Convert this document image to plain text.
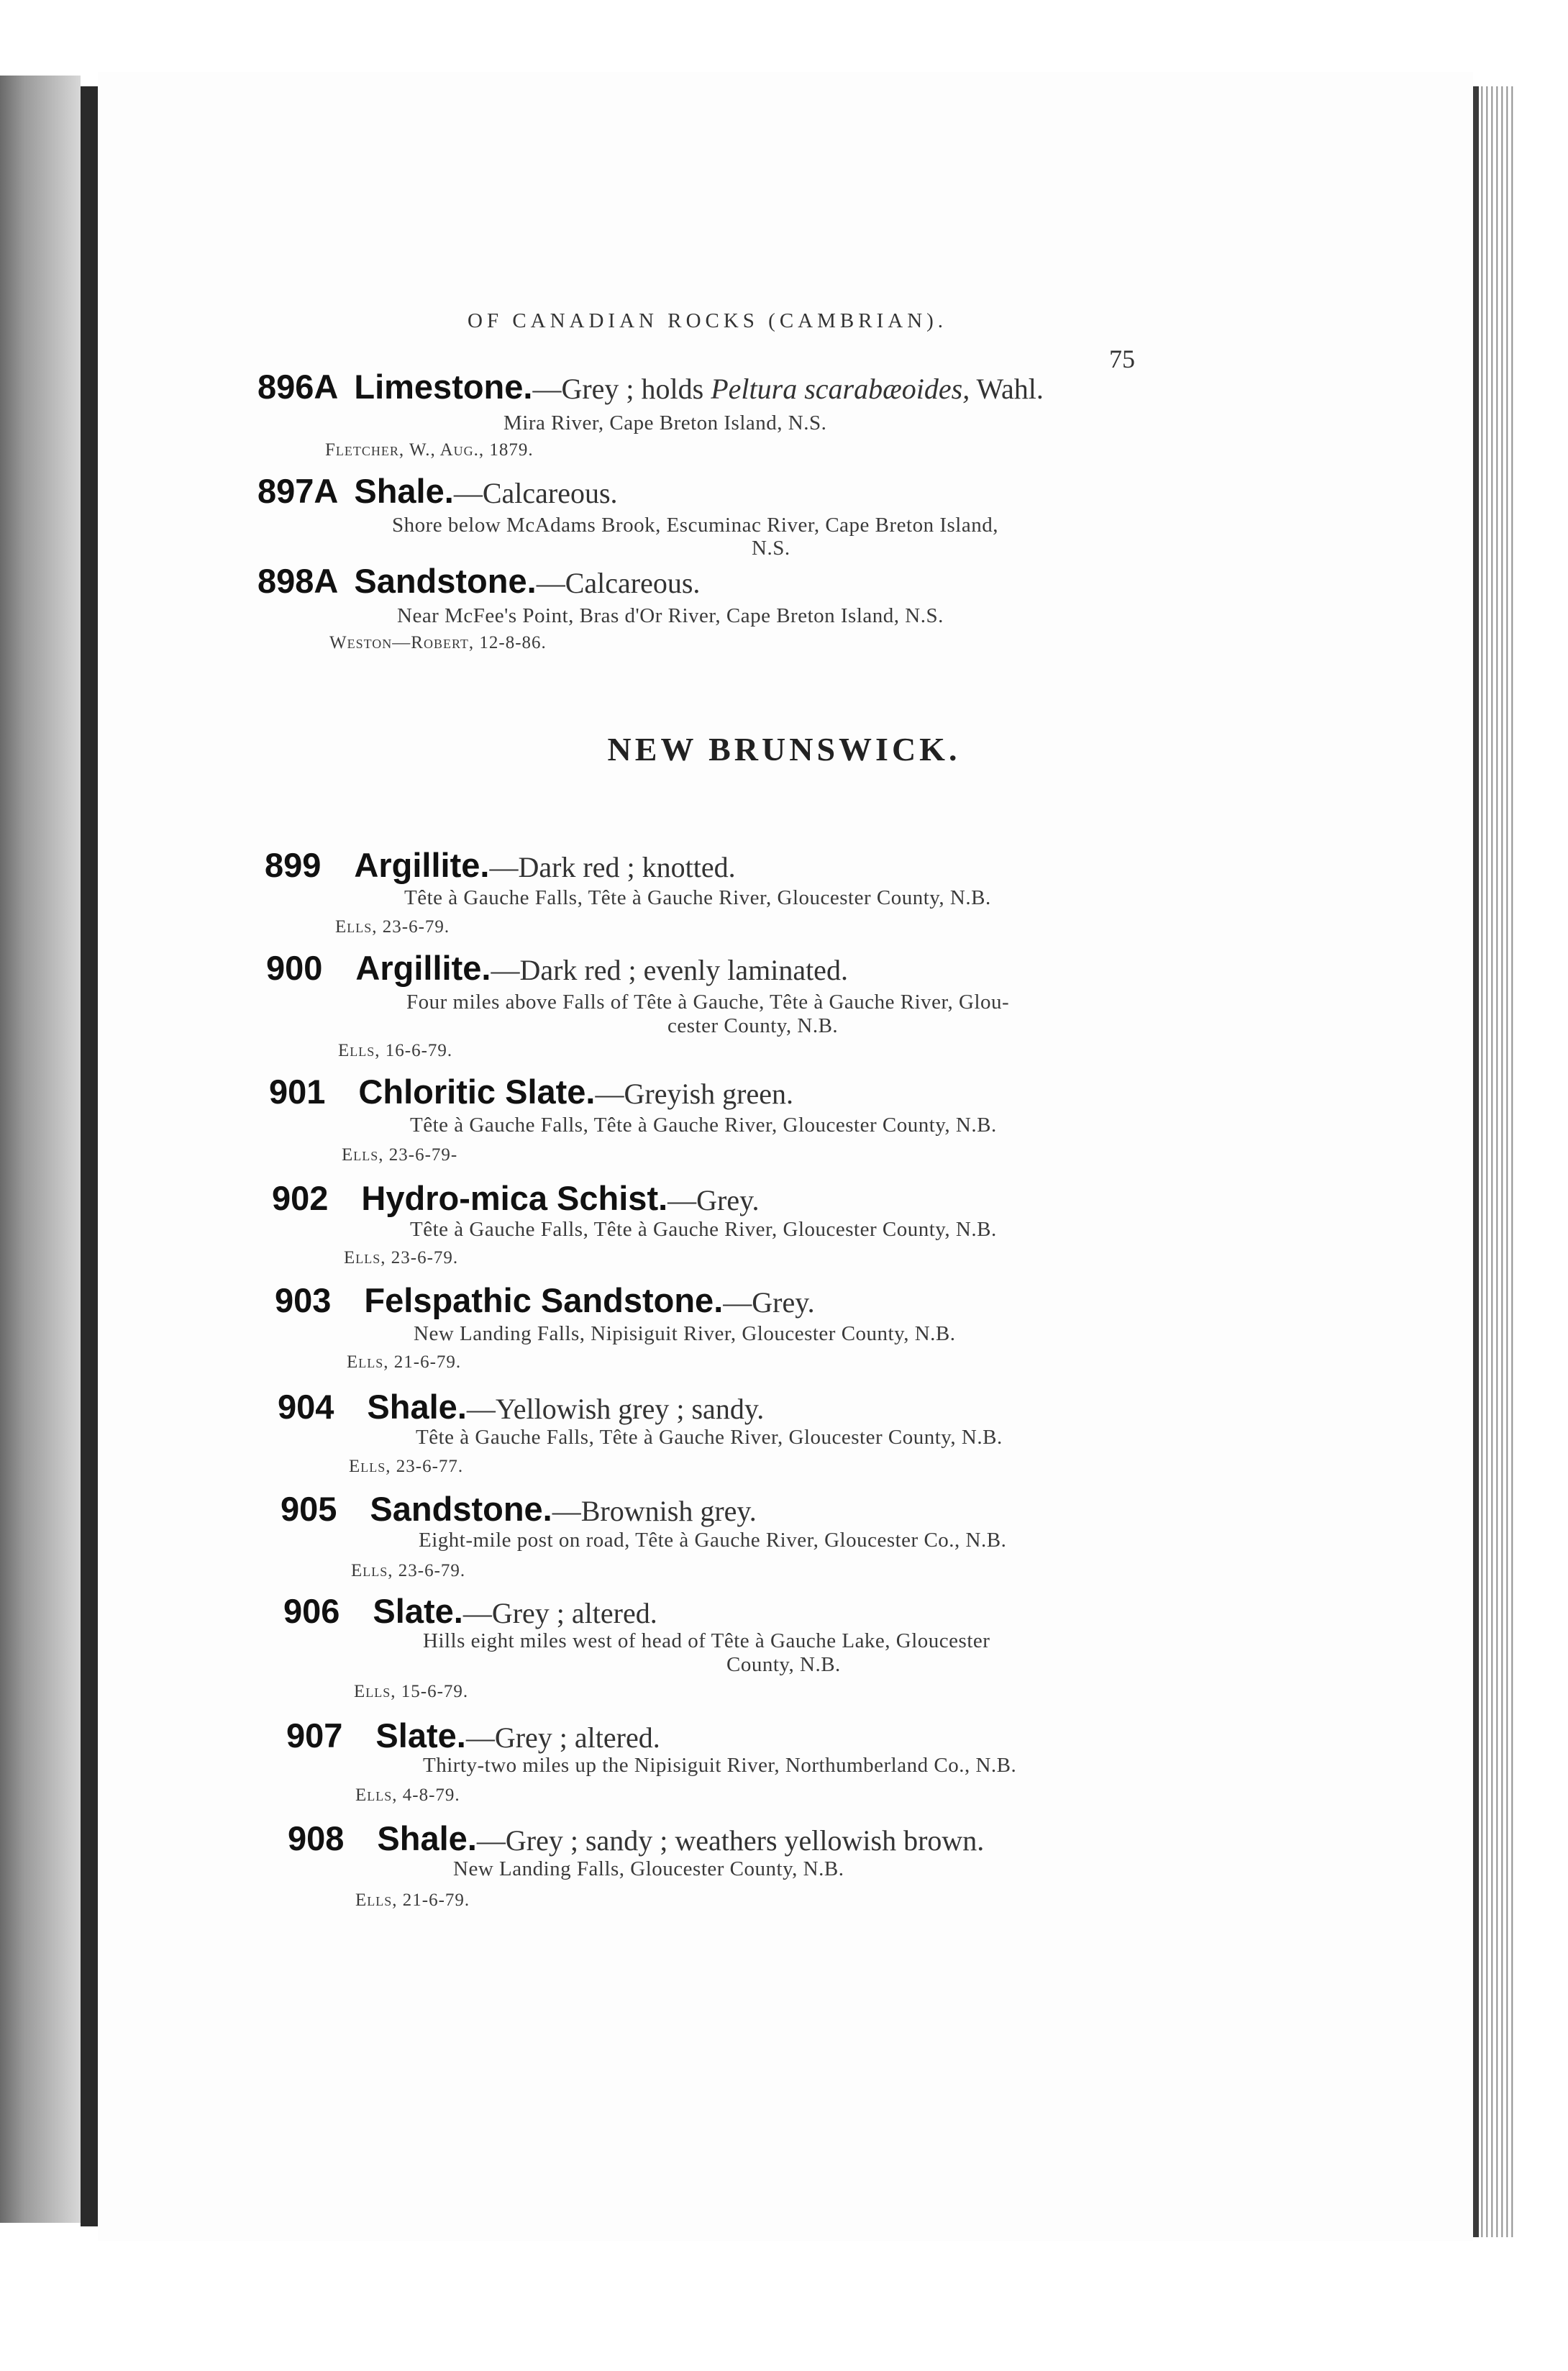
OF CANADIAN ROCKS (CAMBRIAN).
75
896A Limestone.—Grey ; holds Peltura scarabæoides, Wahl.
Mira River, Cape Breton Island, N.S.
Fletcher, W., Aug., 1879.
897A Shale.—Calcareous.
Shore below McAdams Brook, Escuminac River, Cape Breton Island,
N.S.
898A Sandstone.—Calcareous.
Near McFee's Point, Bras d'Or River, Cape Breton Island, N.S.
Weston—Robert, 12-8-86.
NEW BRUNSWICK.
899 Argillite.—Dark red ; knotted.
Tête à Gauche Falls, Tête à Gauche River, Gloucester County, N.B.
Ells, 23-6-79.
900 Argillite.—Dark red ; evenly laminated.
Four miles above Falls of Tête à Gauche, Tête à Gauche River, Glou-
cester County, N.B.
Ells, 16-6-79.
901 Chloritic Slate.—Greyish green.
Tête à Gauche Falls, Tête à Gauche River, Gloucester County, N.B.
Ells, 23-6-79-
902 Hydro-mica Schist.—Grey.
Tête à Gauche Falls, Tête à Gauche River, Gloucester County, N.B.
Ells, 23-6-79.
903 Felspathic Sandstone.—Grey.
New Landing Falls, Nipisiguit River, Gloucester County, N.B.
Ells, 21-6-79.
904 Shale.—Yellowish grey ; sandy.
Tête à Gauche Falls, Tête à Gauche River, Gloucester County, N.B.
Ells, 23-6-77.
905 Sandstone.—Brownish grey.
Eight-mile post on road, Tête à Gauche River, Gloucester Co., N.B.
Ells, 23-6-79.
906 Slate.—Grey ; altered.
Hills eight miles west of head of Tête à Gauche Lake, Gloucester
County, N.B.
Ells, 15-6-79.
907 Slate.—Grey ; altered.
Thirty-two miles up the Nipisiguit River, Northumberland Co., N.B.
Ells, 4-8-79.
908 Shale.—Grey ; sandy ; weathers yellowish brown.
New Landing Falls, Gloucester County, N.B.
Ells, 21-6-79.
